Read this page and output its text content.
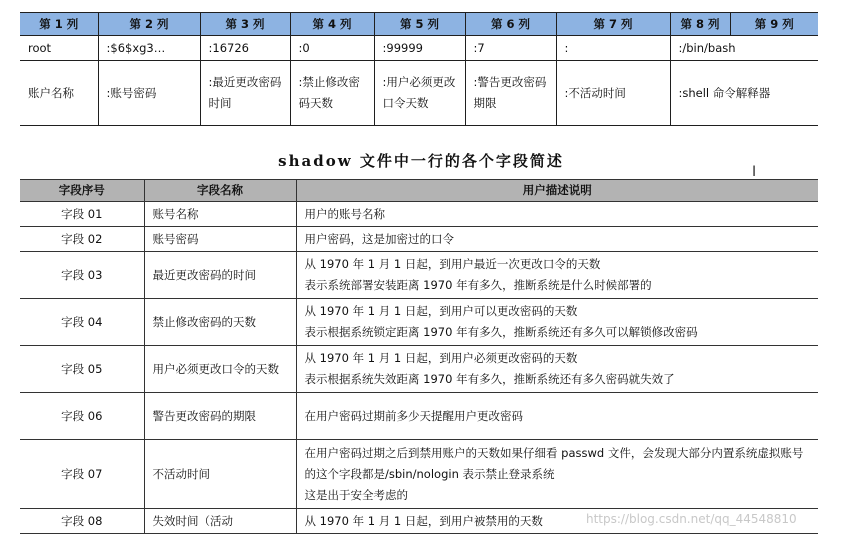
第 1 列	第 2 列	第 3 列	第 4 列	第 5 列	第 6 列	第 7 列	第 8 列	第 9 列
root	:$6$xg3…	:16726	:0	:99999	:7	:	:/bin/bash	
账户名称	:账号密码	:最近更改密码时间	:禁止修改密码天数	:用户必须更改口令天数	:警告更改密码期限	:不活动时间	:shell 命令解释器	
shadow 文件中一行的各个字段简述
Ι
字段序号	字段名称	用户描述说明
字段 01	账号名称	用户的账号名称

字段 02	账号密码	用户密码，这是加密过的口令

字段 03	最近更改密码的时间	从 1970 年 1 月 1 日起，到用户最近一次更改口令的天数
表示系统部署安装距离 1970 年有多久，推断系统是什么时候部署的

字段 04	禁止修改密码的天数	从 1970 年 1 月 1 日起，到用户可以更改密码的天数
表示根据系统锁定距离 1970 年有多久，推断系统还有多久可以解锁修改密码

字段 05	用户必须更改口令的天数	从 1970 年 1 月 1 日起，到用户必须更改密码的天数
表示根据系统失效距离 1970 年有多久，推断系统还有多久密码就失效了

字段 06	警告更改密码的期限	在用户密码过期前多少天提醒用户更改密码

字段 07	不活动时间	在用户密码过期之后到禁用账户的天数如果仔细看 passwd 文件，会发现大部分内置系统虚拟账号的这个字段都是/sbin/nologin 表示禁止登录系统
这是出于安全考虑的

字段 08	失效时间（活动	从 1970 年 1 月 1 日起，到用户被禁用的天数	https://blog.csdn.net/qq_44548810
